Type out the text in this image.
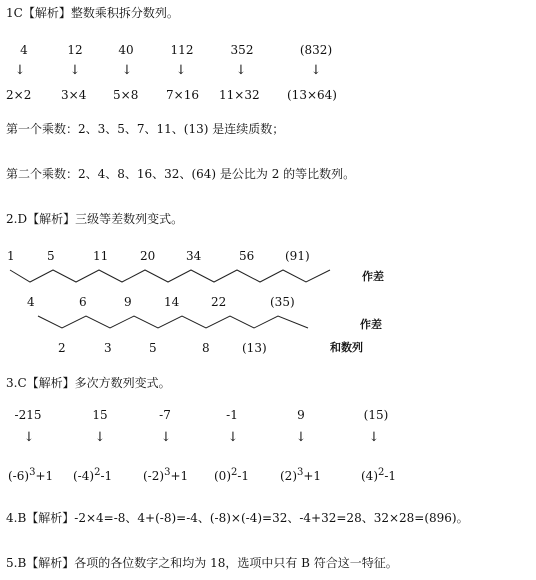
1C【解析】整数乘积拆分数列。
4	12	40	112	352	(832)
↓	↓	↓	↓	↓	↓
2×2 3×4 5×8 7×16 11×32 (13×64)
第一个乘数：2、3、5、7、11、(13) 是连续质数；
第二个乘数：2、4、8、16、32、(64) 是公比为 2 的等比数列。
2.D【解析】三级等差数列变式。
1	5	11	20	34	56	(91)
4	6	9	14	22	(35)
2	3	5	8	(13)
作差
作差
和数列
3.C【解析】多次方数列变式。
-215	15	-7	-1	9	(15)
↓	↓	↓	↓	↓	↓
$(-6)^3+1$ $(-4)^2-1$	$(-2)^3+1$ $(0)^2-1$	$(2)^3+1$	$(4)^2-1$
4.B【解析】-2×4=-8、4+(-8)=-4、(-8)×(-4)=32、-4+32=28、32×28=(896)。
5.B【解析】各项的各位数字之和均为 18，选项中只有 B 符合这一特征。
